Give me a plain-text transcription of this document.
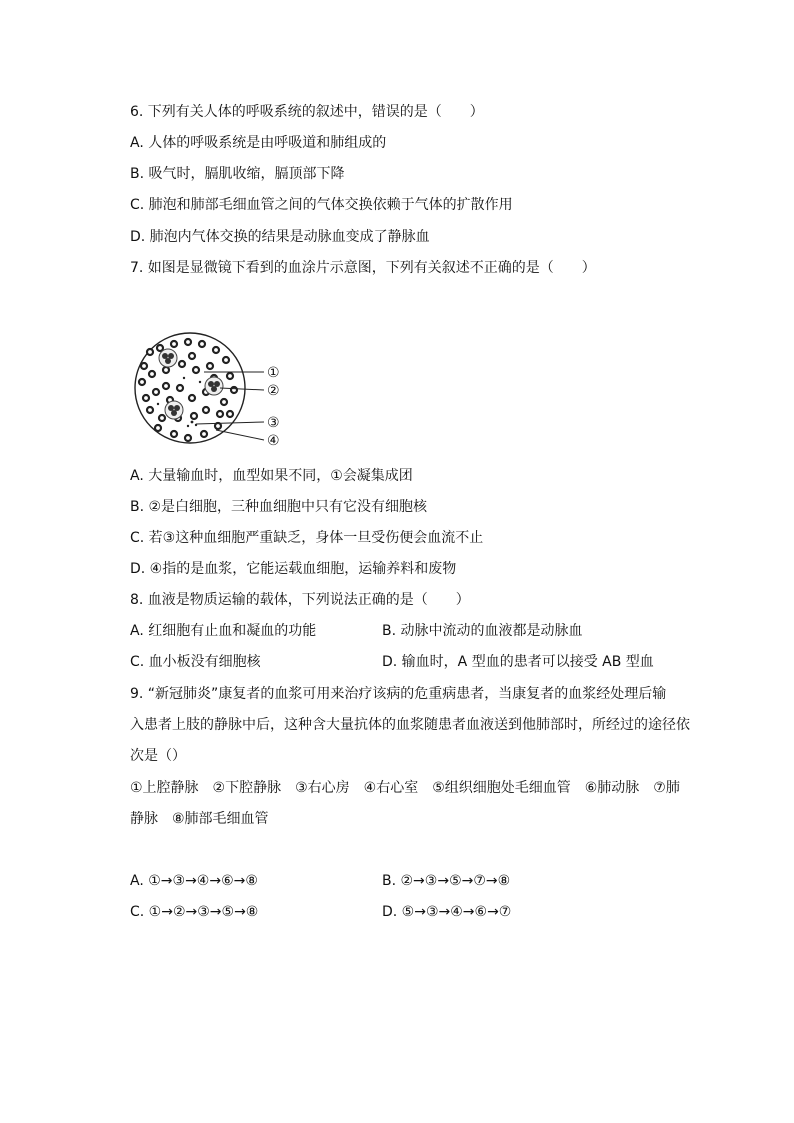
6. 下列有关人体的呼吸系统的叙述中，错误的是（　　）
A. 人体的呼吸系统是由呼吸道和肺组成的
B. 吸气时，膈肌收缩，膈顶部下降
C. 肺泡和肺部毛细血管之间的气体交换依赖于气体的扩散作用
D. 肺泡内气体交换的结果是动脉血变成了静脉血
7. 如图是显微镜下看到的血涂片示意图，下列有关叙述不正确的是（　　）
①
②
③
④
A. 大量输血时，血型如果不同，①会凝集成团
B. ②是白细胞，三种血细胞中只有它没有细胞核
C. 若③这种血细胞严重缺乏，身体一旦受伤便会血流不止
D. ④指的是血浆，它能运载血细胞，运输养料和废物
8. 血液是物质运输的载体，下列说法正确的是（　　）
A. 红细胞有止血和凝血的功能	B. 动脉中流动的血液都是动脉血
C. 血小板没有细胞核	D. 输血时，A 型血的患者可以接受 AB 型血
9. “新冠肺炎”康复者的血浆可用来治疗该病的危重病患者，当康复者的血浆经处理后输
入患者上肢的静脉中后，这种含大量抗体的血浆随患者血液送到他肺部时，所经过的途径依
次是（）
①上腔静脉　②下腔静脉　③右心房　④右心室　⑤组织细胞处毛细血管　⑥肺动脉　⑦肺
静脉　⑧肺部毛细血管
A. ①→③→④→⑥→⑧	B. ②→③→⑤→⑦→⑧
C. ①→②→③→⑤→⑧	D. ⑤→③→④→⑥→⑦
